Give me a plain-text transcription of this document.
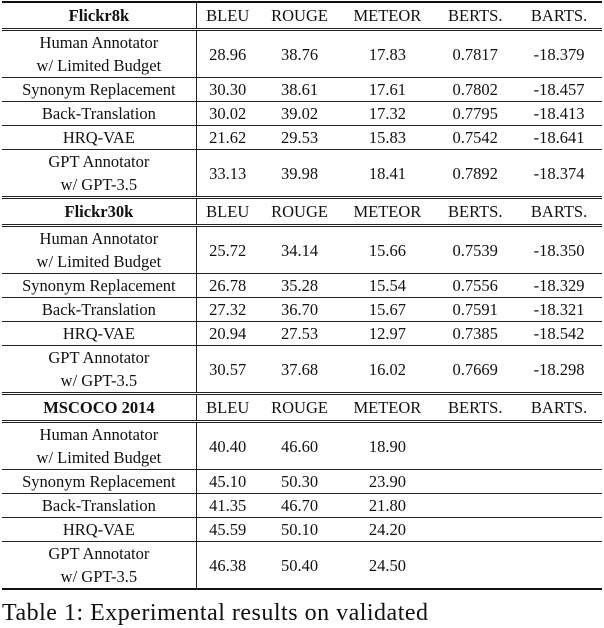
Flickr8k	BLEU	ROUGE	METEOR	BERTS.	BARTS.

Human Annotator
w/ Limited Budget	28.96	38.76	17.83	0.7817	-18.379

Synonym Replacement	30.30	38.61	17.61	0.7802	-18.457

Back-Translation	30.02	39.02	17.32	0.7795	-18.413

HRQ-VAE	21.62	29.53	15.83	0.7542	-18.641

GPT Annotator
w/ GPT-3.5	33.13	39.98	18.41	0.7892	-18.374
Flickr30k	BLEU	ROUGE	METEOR	BERTS.	BARTS.

Human Annotator
w/ Limited Budget	25.72	34.14	15.66	0.7539	-18.350

Synonym Replacement	26.78	35.28	15.54	0.7556	-18.329

Back-Translation	27.32	36.70	15.67	0.7591	-18.321

HRQ-VAE	20.94	27.53	12.97	0.7385	-18.542

GPT Annotator
w/ GPT-3.5	30.57	37.68	16.02	0.7669	-18.298
MSCOCO 2014	BLEU	ROUGE	METEOR	BERTS.	BARTS.

Human Annotator
w/ Limited Budget	40.40	46.60	18.90		

Synonym Replacement	45.10	50.30	23.90		

Back-Translation	41.35	46.70	21.80		

HRQ-VAE	45.59	50.10	24.20		

GPT Annotator
w/ GPT-3.5	46.38	50.40	24.50		
Table 1: Experimental results on validated
